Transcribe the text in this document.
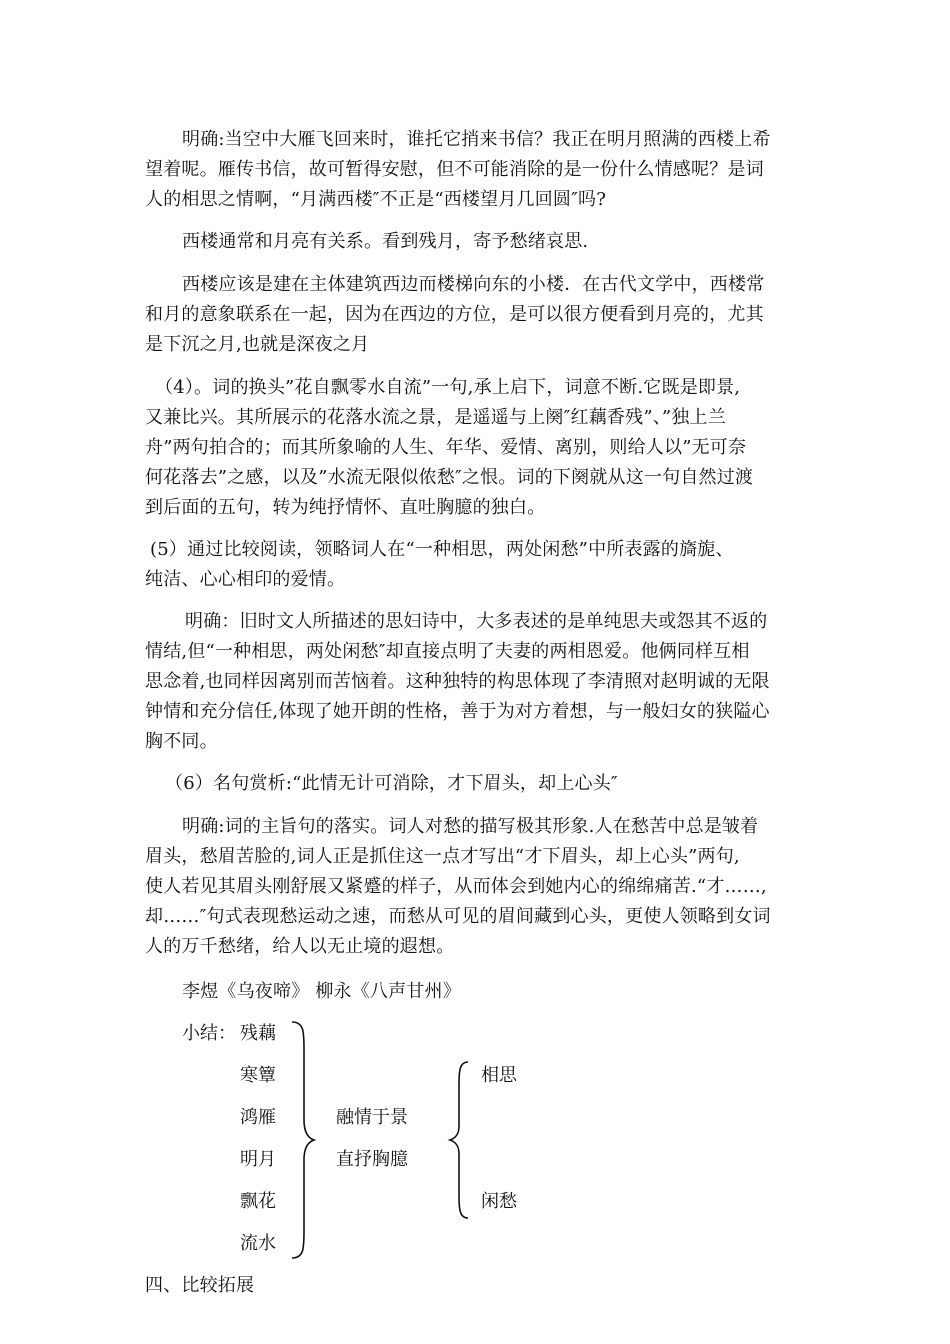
明确:当空中大雁飞回来时，谁托它捎来书信？我正在明月照满的西楼上希
望着呢。雁传书信，故可暂得安慰，但不可能消除的是一份什么情感呢？是词
人的相思之情啊，“月满西楼″不正是“西楼望月几回圆″吗?
西楼通常和月亮有关系。看到残月，寄予愁绪哀思.
西楼应该是建在主体建筑西边而楼梯向东的小楼．在古代文学中，西楼常
和月的意象联系在一起，因为在西边的方位，是可以很方便看到月亮的，尤其
是下沉之月,也就是深夜之月
（4）。词的换头”花自飘零水自流”一句,承上启下，词意不断.它既是即景,
又兼比兴。其所展示的花落水流之景，是遥遥与上阕″红藕香残”、”独上兰
舟”两句拍合的；而其所象喻的人生、年华、爱情、离别，则给人以”无可奈
何花落去”之感，以及”水流无限似侬愁″之恨。词的下阕就从这一句自然过渡
到后面的五句，转为纯抒情怀、直吐胸臆的独白。
(5）通过比较阅读，领略词人在“一种相思，两处闲愁”中所表露的旖旎、
纯洁、心心相印的爱情。
明确：旧时文人所描述的思妇诗中，大多表述的是单纯思夫或怨其不返的
情结,但“一种相思，两处闲愁″却直接点明了夫妻的两相恩爱。他俩同样互相
思念着,也同样因离别而苦恼着。这种独特的构思体现了李清照对赵明诚的无限
钟情和充分信任,体现了她开朗的性格，善于为对方着想，与一般妇女的狭隘心
胸不同。
（6）名句赏析:“此情无计可消除，才下眉头，却上心头″
明确:词的主旨句的落实。词人对愁的描写极其形象.人在愁苦中总是皱着
眉头，愁眉苦脸的,词人正是抓住这一点才写出“才下眉头，却上心头”两句,
使人若见其眉头刚舒展又紧蹙的样子，从而体会到她内心的绵绵痛苦.“才……,
却……″句式表现愁运动之速，而愁从可见的眉间藏到心头，更使人领略到女词
人的万千愁绪，给人以无止境的遐想。
李煜《乌夜啼》 柳永《八声甘州》
小结： 残藕
寒簟
鸿雁
明月
飘花
流水
融情于景
直抒胸臆
相思
闲愁
四、比较拓展
